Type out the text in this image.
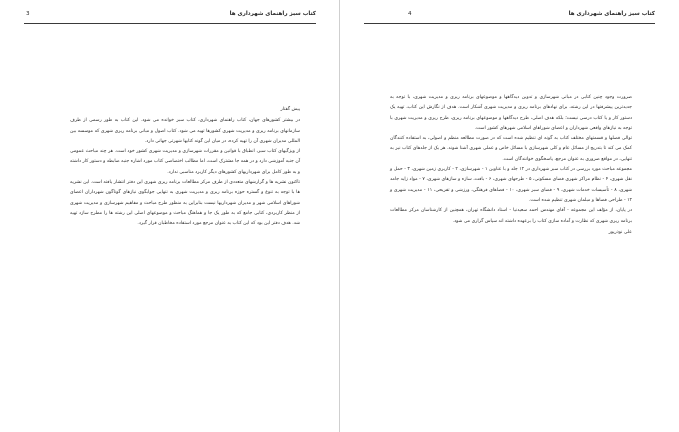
کتاب سبز راهنمای شهرداری ها
3

پیش گفتار

در بیشتر کشورهای جهان، کتاب راهنمای شهرداری، کتاب سبز خوانده می شود. این کتاب به طور رسمی از طرف سازمانهای برنامه ریزی و مدیریت شهری کشورها تهیه می شود. کتاب اصول و مبانی برنامه ریزی شهری که موسسه بین المللی مدیران شهری آن را تهیه کرده، در میان این گونه کتابها شهرتی جهانی دارد.

از ویژگیهای کتاب سبز، انطباق با قوانین و مقررات شهرسازی و مدیریت شهری کشور خود است. هر چند مباحث عمومی آن جنبه آموزشی دارد و در همه جا مشترک است، اما مطالب اختصاصی کتاب مورد اشاره جنبه ضابطه و دستور کار داشته و به طور کامل برای شهرداریهای کشورهای دیگر کاربرد مناسبی ندارد.

تاکنون نشریه ها و گزارشهای متعددی از طرف مرکز مطالعات برنامه ریزی شهری این دفتر انتشار یافته است. این نشریه ها با توجه به تنوع و گستره حوزه برنامه ریزی و مدیریت شهری به تنهایی جوابگوی نیازهای گوناگون شهرداران اعضای شوراهای اسلامی شهر و مدیران شهرداریها نیست بنابراین به منظور طرح مباحث و مفاهیم شهرسازی و مدیریت شهری از منظر کاربردی، کتابی جامع که به طور یک جا و هماهنگ مباحث و موضوعهای اصلی این رشته ها را مطرح سازد تهیه شد. هدف دفتر این بود که این کتاب به عنوان مرجع مورد استفاده مخاطبان قرار گیرد.

کتاب سبز راهنمای شهرداری ها
4

ضرورت وجود چنین کتابی در مبانی شهرسازی و تدوین دیدگاهها و موضوعهای برنامه ریزی و مدیریت شهری، با توجه به جدیدترین پیشرفتها در این رشته، برای نهادهای برنامه ریزی و مدیریت شهری آشکار است. هدف از نگارش این کتاب، تهیه یک دستور کار و یا کتاب درسی نیست؛ بلکه هدف اصلی، طرح دیدگاهها و موضوعهای برنامه ریزی، طرح ریزی و مدیریت شهری با توجه به نیازهای واقعی شهرداران و اعضای شوراهای اسلامی شهرهای کشور است.

توالی فصلها و قسمتهای مختلف کتاب به گونه ای تنظیم شده است که در صورت مطالعه منظم و اصولی، به استفاده کنندگان کمک می کند تا بتدریج از مسائل عام و کلی شهرسازی با مسائل خاص و عملی شهری آشنا شوند. هر یک از جلدهای کتاب نیز به تنهایی، در مواقع ضروری به عنوان مرجع، پاسخگوی خوانندگان است.

مجموعه مباحث مورد بررسی در کتاب سبز شهرداری در ۱۲ جلد و با عناوین ۱ - شهرسازی، ۲ - کاربری زمین شهری، ۳ - حمل و نقل شهری، ۴ - نظام مراکز شهری فضای مسکونی، ۵ - طرحهای شهری، ۶ - بافت، سازه و سازهای شهری، ۷ - مواد زاید جامد شهری، ۸ - تأسیسات خدمات شهری، ۹ - فضای سبز شهری، ۱۰ - فضاهای فرهنگی، ورزشی و تفریحی، ۱۱ - مدیریت شهری و ۱۲ - طراحی فضاها و مبلمان شهری تنظیم شده است.

در پایان، از مؤلف این مجموعه - آقای مهندس احمد سعیدنیا - استاد دانشگاه تهران، همچنین از کارشناسان مرکز مطالعات برنامه ریزی شهری که نظارت و آماده سازی کتاب را برعهده داشته اند سپاس گزاری می شود.

علی نوذرپور
